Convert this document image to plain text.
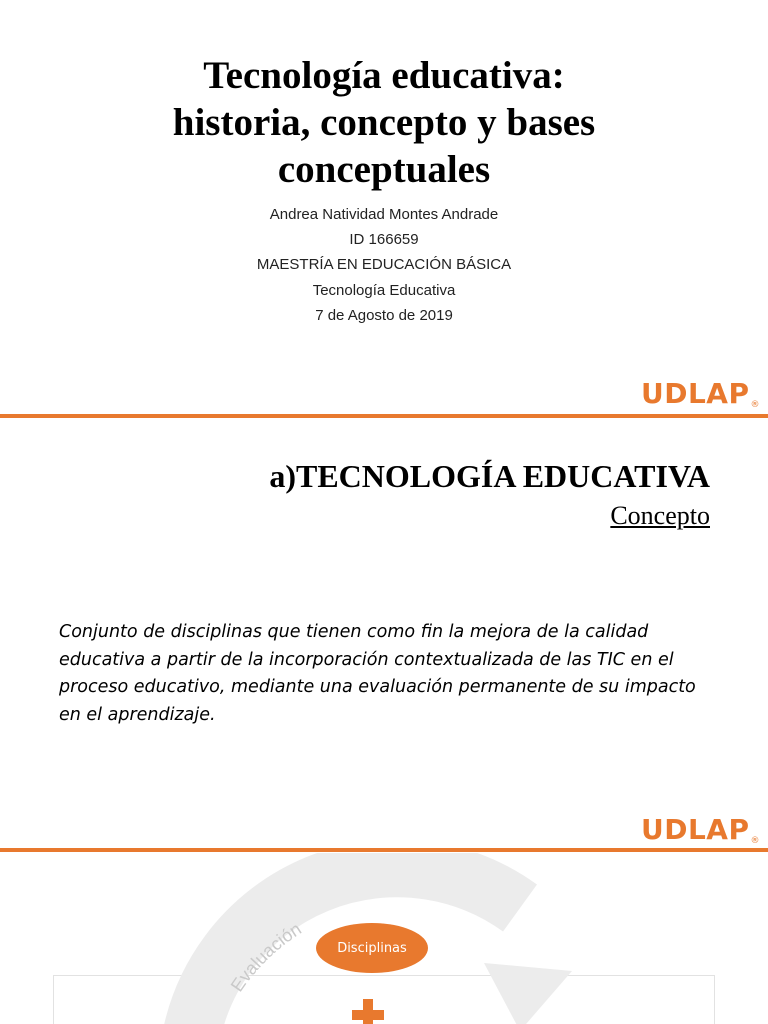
Tecnología educativa:
historia, concepto y bases
conceptuales
Andrea Natividad Montes Andrade
ID 166659
MAESTRÍA EN EDUCACIÓN BÁSICA
Tecnología Educativa
7 de Agosto de 2019
UDLAP®
a)TECNOLOGÍA EDUCATIVA
Concepto

Conjunto de disciplinas que tienen como fin la mejora de la calidad educativa a partir de la incorporación contextualizada de las TIC en el proceso educativo, mediante una evaluación permanente de su impacto en el aprendizaje.

UDLAP®
Evaluación
Disciplinas
